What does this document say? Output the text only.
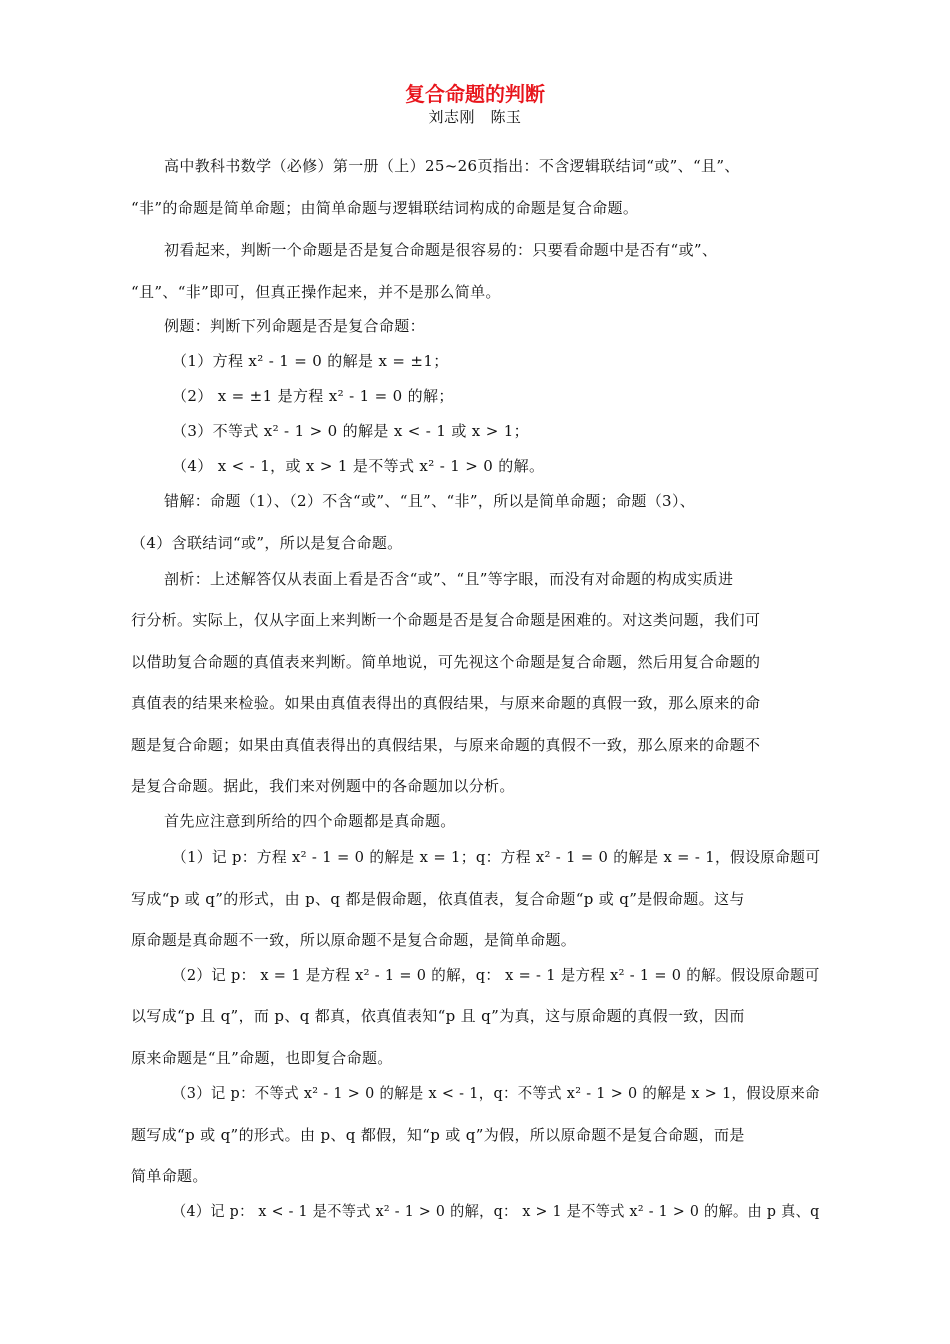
复合命题的判断
刘志刚　陈玉
高中教科书数学（必修）第一册（上）25~26页指出：不含逻辑联结词“或”、“且”、
“非”的命题是简单命题；由简单命题与逻辑联结词构成的命题是复合命题。
初看起来，判断一个命题是否是复合命题是很容易的：只要看命题中是否有“或”、
“且”、“非”即可，但真正操作起来，并不是那么简单。
例题：判断下列命题是否是复合命题：
（1）方程 x² - 1 = 0 的解是 x = ±1；
（2） x = ±1 是方程 x² - 1 = 0 的解；
（3）不等式 x² - 1 > 0 的解是 x < - 1 或 x > 1；
（4） x < - 1，或 x > 1 是不等式 x² - 1 > 0 的解。
错解：命题（1）、（2）不含“或”、“且”、“非”，所以是简单命题；命题（3）、
（4）含联结词“或”，所以是复合命题。
剖析：上述解答仅从表面上看是否含“或”、“且”等字眼，而没有对命题的构成实质进
行分析。实际上，仅从字面上来判断一个命题是否是复合命题是困难的。对这类问题，我们可
以借助复合命题的真值表来判断。简单地说，可先视这个命题是复合命题，然后用复合命题的
真值表的结果来检验。如果由真值表得出的真假结果，与原来命题的真假一致，那么原来的命
题是复合命题；如果由真值表得出的真假结果，与原来命题的真假不一致，那么原来的命题不
是复合命题。据此，我们来对例题中的各命题加以分析。
首先应注意到所给的四个命题都是真命题。
（1）记 p：方程 x² - 1 = 0 的解是 x = 1；q：方程 x² - 1 = 0 的解是 x = - 1，假设原命题可
写成“p 或 q”的形式，由 p、q 都是假命题，依真值表，复合命题“p 或 q”是假命题。这与
原命题是真命题不一致，所以原命题不是复合命题，是简单命题。
（2）记 p： x = 1 是方程 x² - 1 = 0 的解，q： x = - 1 是方程 x² - 1 = 0 的解。假设原命题可
以写成“p 且 q”，而 p、q 都真，依真值表知“p 且 q”为真，这与原命题的真假一致，因而
原来命题是“且”命题，也即复合命题。
（3）记 p：不等式 x² - 1 > 0 的解是 x < - 1，q：不等式 x² - 1 > 0 的解是 x > 1，假设原来命
题写成“p 或 q”的形式。由 p、q 都假，知“p 或 q”为假，所以原命题不是复合命题，而是
简单命题。
（4）记 p： x < - 1 是不等式 x² - 1 > 0 的解，q： x > 1 是不等式 x² - 1 > 0 的解。由 p 真、q
